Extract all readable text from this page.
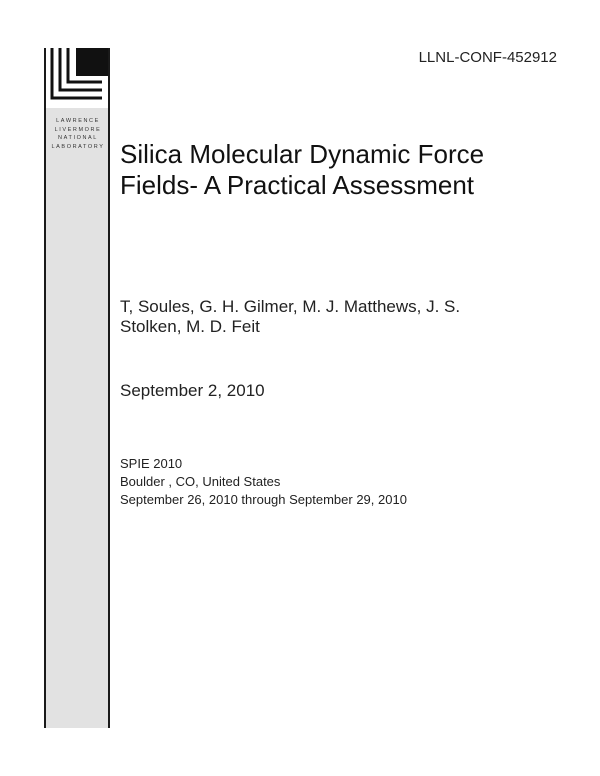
LAWRENCE
LIVERMORE
NATIONAL
LABORATORY
LLNL-CONF-452912
Silica Molecular Dynamic Force
Fields- A Practical Assessment
T, Soules, G. H. Gilmer, M. J. Matthews, J. S.
Stolken, M. D. Feit
September 2, 2010
SPIE 2010
Boulder , CO, United States
September 26, 2010 through September 29, 2010
